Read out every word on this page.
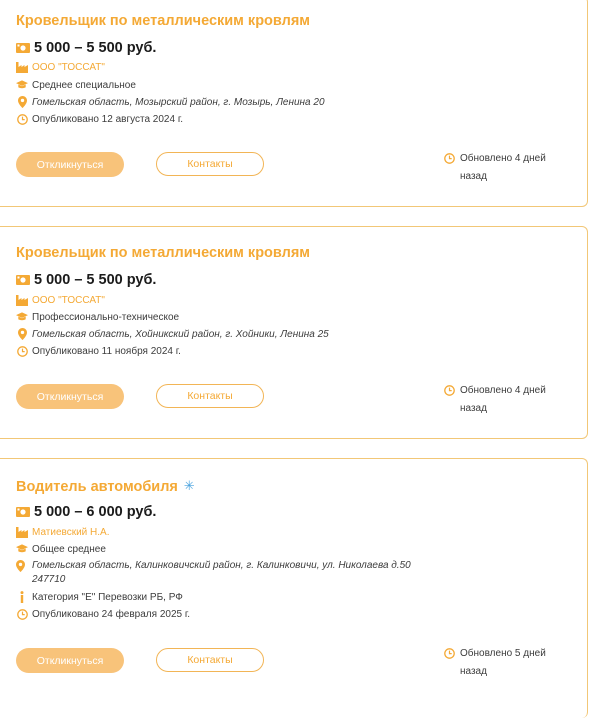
Кровельщик по металлическим кровлям
5 000 – 5 500 руб.
ООО "ТОССАТ"
Среднее специальное
Гомельская область, Мозырский район, г. Мозырь, Ленина 20
Опубликовано 12 августа 2024 г.
Откликнуться	Контакты	Обновлено 4 дней
назад
Кровельщик по металлическим кровлям
5 000 – 5 500 руб.
ООО "ТОССАТ"
Профессионально-техническое
Гомельская область, Хойникский район, г. Хойники, Ленина 25
Опубликовано 11 ноября 2024 г.
Откликнуться	Контакты	Обновлено 4 дней
назад
Водитель автомобиля ✳
5 000 – 6 000 руб.
Матиевский Н.А.
Общее среднее
Гомельская область, Калинковичский район, г. Калинковичи, ул. Николаева д.50
247710
Категория "Е" Перевозки РБ, РФ
Опубликовано 24 февраля 2025 г.
Откликнуться	Контакты
Обновлено 5 дней
назад
